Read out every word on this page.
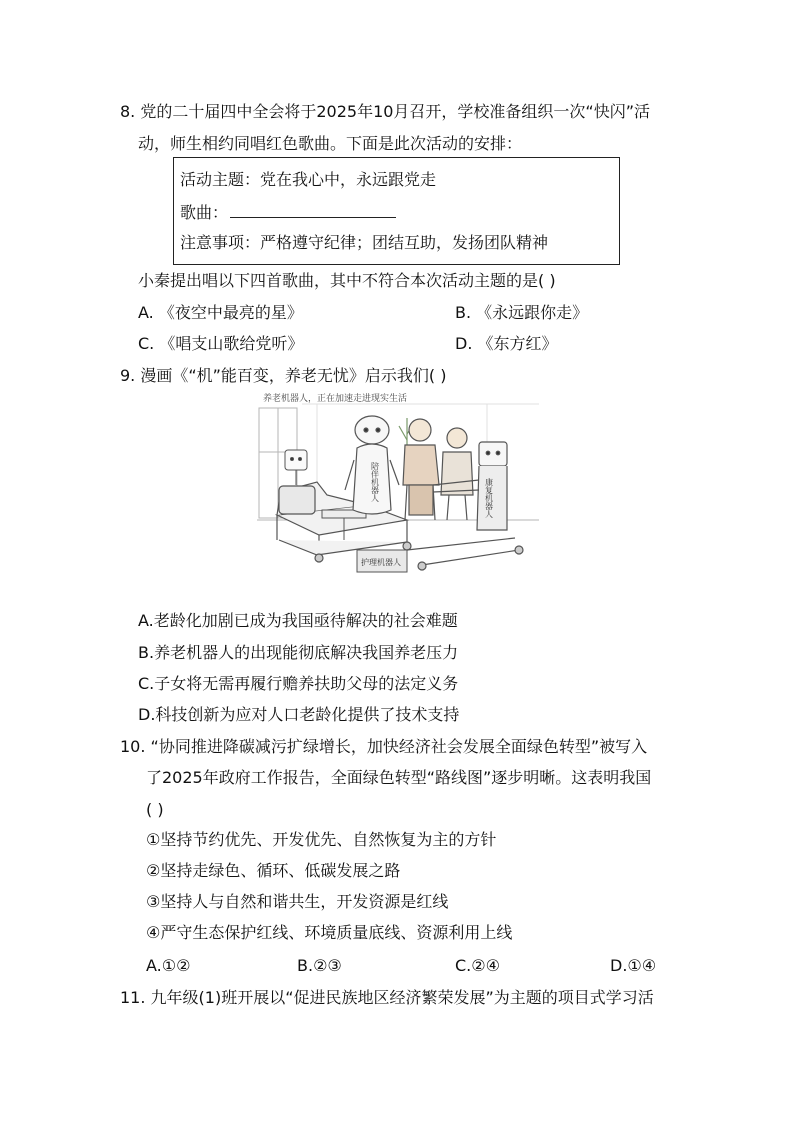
8. 党的二十届四中全会将于2025年10月召开，学校准备组织一次“快闪”活
动，师生相约同唱红色歌曲。下面是此次活动的安排：
活动主题：党在我心中，永远跟党走
歌曲：
注意事项：严格遵守纪律；团结互助，发扬团队精神
小秦提出唱以下四首歌曲，其中不符合本次活动主题的是( )
A. 《夜空中最亮的星》	B. 《永远跟你走》
C. 《唱支山歌给党听》	D. 《东方红》
9. 漫画《“机”能百变，养老无忧》启示我们( )
养老机器人，正在加速走进现实生活
护理机器人
陪伴机器人	康复机器人
A.老龄化加剧已成为我国亟待解决的社会难题
B.养老机器人的出现能彻底解决我国养老压力
C.子女将无需再履行赡养扶助父母的法定义务
D.科技创新为应对人口老龄化提供了技术支持
10. “协同推进降碳减污扩绿增长，加快经济社会发展全面绿色转型”被写入
了2025年政府工作报告，全面绿色转型“路线图”逐步明晰。这表明我国
( )
①坚持节约优先、开发优先、自然恢复为主的方针
②坚持走绿色、循环、低碳发展之路
③坚持人与自然和谐共生，开发资源是红线
④严守生态保护红线、环境质量底线、资源利用上线
A.①②	B.②③	C.②④	D.①④
11. 九年级(1)班开展以“促进民族地区经济繁荣发展”为主题的项目式学习活
